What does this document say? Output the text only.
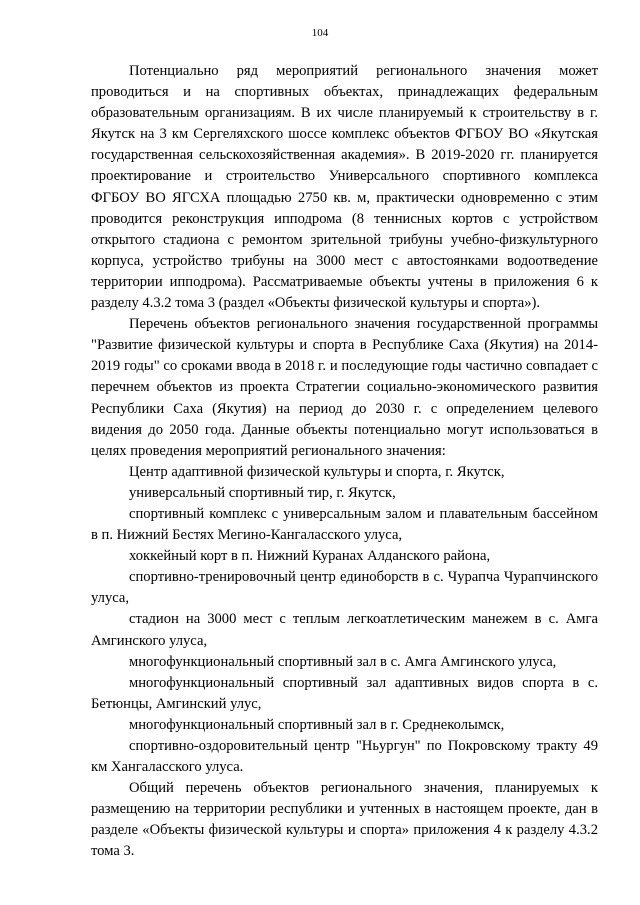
104

Потенциально ряд мероприятий регионального значения может проводиться и на спортивных объектах, принадлежащих федеральным образовательным организациям. В их числе планируемый к строительству в г. Якутск на 3 км Сергеляхского шоссе комплекс объектов ФГБОУ ВО «Якутская государственная сельскохозяйственная академия». В 2019-2020 гг. планируется проектирование и строительство Универсального спортивного комплекса ФГБОУ ВО ЯГСХА площадью 2750 кв. м, практически одновременно с этим проводится реконструкция ипподрома (8 теннисных кортов с устройством открытого стадиона с ремонтом зрительной трибуны учебно-физкультурного корпуса, устройство трибуны на 3000 мест с автостоянками водоотведение территории ипподрома). Рассматриваемые объекты учтены в приложения 6 к разделу 4.3.2 тома 3 (раздел «Объекты физической культуры и спорта»).

Перечень объектов регионального значения государственной программы "Развитие физической культуры и спорта в Республике Саха (Якутия) на 2014-2019 годы" со сроками ввода в 2018 г. и последующие годы частично совпадает с перечнем объектов из проекта Стратегии социально-экономического развития Республики Саха (Якутия) на период до 2030 г. с определением целевого видения до 2050 года. Данные объекты потенциально могут использоваться в целях проведения мероприятий регионального значения:

Центр адаптивной физической культуры и спорта, г. Якутск,
универсальный спортивный тир, г. Якутск,
спортивный комплекс с универсальным залом и плавательным бассейном в п. Нижний Бестях Мегино-Кангаласского улуса,
хоккейный корт в п. Нижний Куранах Алданского района,
спортивно-тренировочный центр единоборств в с. Чурапча Чурапчинского улуса,
стадион на 3000 мест с теплым легкоатлетическим манежем в с. Амга Амгинского улуса,
многофункциональный спортивный зал в с. Амга Амгинского улуса,
многофункциональный спортивный зал адаптивных видов спорта в с. Бетюнцы, Амгинский улус,
многофункциональный спортивный зал в г. Среднеколымск,
спортивно-оздоровительный центр "Ньургун" по Покровскому тракту 49 км Хангаласского улуса.

Общий перечень объектов регионального значения, планируемых к размещению на территории республики и учтенных в настоящем проекте, дан в разделе «Объекты физической культуры и спорта» приложения 4 к разделу 4.3.2 тома 3.
